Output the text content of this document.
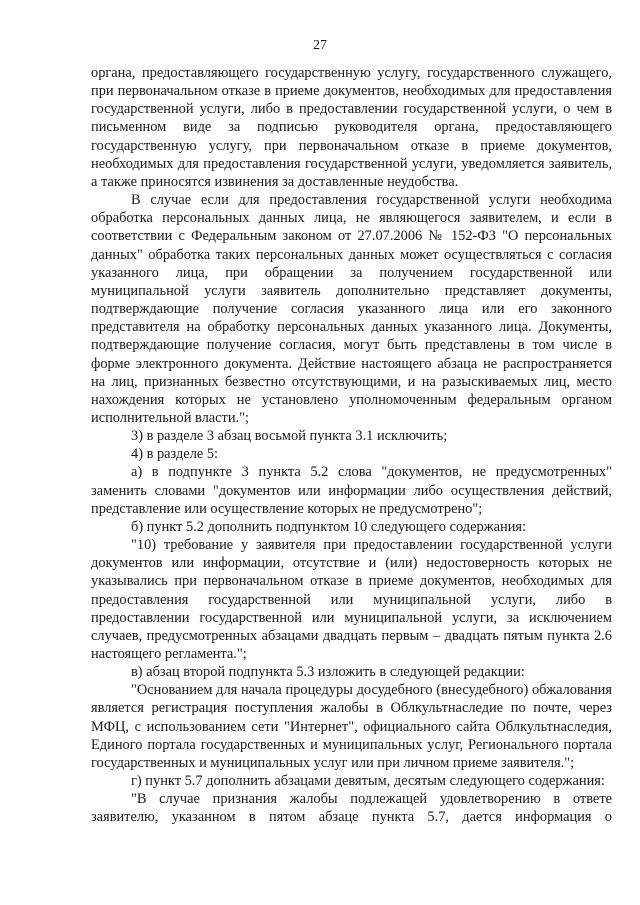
27

органа, предоставляющего государственную услугу, государственного служащего, при первоначальном отказе в приеме документов, необходимых для предоставления государственной услуги, либо в предоставлении государственной услуги, о чем в письменном виде за подписью руководителя органа, предоставляющего государственную услугу, при первоначальном отказе в приеме документов, необходимых для предоставления государственной услуги, уведомляется заявитель, а также приносятся извинения за доставленные неудобства.

В случае если для предоставления государственной услуги необходима обработка персональных данных лица, не являющегося заявителем, и если в соответствии с Федеральным законом от 27.07.2006 № 152-ФЗ "О персональных данных" обработка таких персональных данных может осуществляться с согласия указанного лица, при обращении за получением государственной или муниципальной услуги заявитель дополнительно представляет документы, подтверждающие получение согласия указанного лица или его законного представителя на обработку персональных данных указанного лица. Документы, подтверждающие получение согласия, могут быть представлены в том числе в форме электронного документа. Действие настоящего абзаца не распространяется на лиц, признанных безвестно отсутствующими, и на разыскиваемых лиц, место нахождения которых не установлено уполномоченным федеральным органом исполнительной власти.";

3) в разделе 3 абзац восьмой пункта 3.1 исключить;

4) в разделе 5:

а) в подпункте 3 пункта 5.2 слова "документов, не предусмотренных" заменить словами "документов или информации либо осуществления действий, представление или осуществление которых не предусмотрено";

б) пункт 5.2 дополнить подпунктом 10 следующего содержания:

"10) требование у заявителя при предоставлении государственной услуги документов или информации, отсутствие и (или) недостоверность которых не указывались при первоначальном отказе в приеме документов, необходимых для предоставления государственной или муниципальной услуги, либо в предоставлении государственной или муниципальной услуги, за исключением случаев, предусмотренных абзацами двадцать первым – двадцать пятым пункта 2.6 настоящего регламента.";

в) абзац второй подпункта 5.3 изложить в следующей редакции:

"Основанием для начала процедуры досудебного (внесудебного) обжалования является регистрация поступления жалобы в Облкультнаследие по почте, через МФЦ, с использованием сети "Интернет", официального сайта Облкультнаследия, Единого портала государственных и муниципальных услуг, Регионального портала государственных и муниципальных услуг или при личном приеме заявителя.";

г) пункт 5.7 дополнить абзацами девятым, десятым следующего содержания:

"В случае признания жалобы подлежащей удовлетворению в ответе заявителю, указанном в пятом абзаце пункта 5.7, дается информация о
